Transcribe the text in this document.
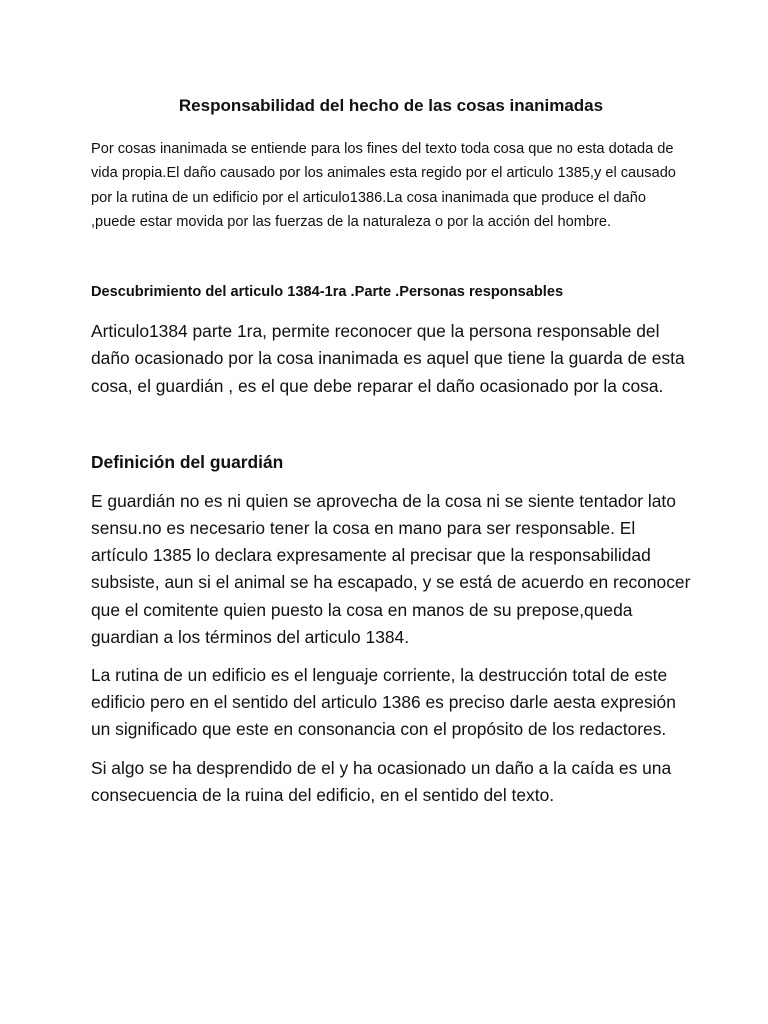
Responsabilidad del hecho de las cosas inanimadas

Por cosas inanimada se entiende para los fines del texto toda cosa que no esta dotada de vida propia.El daño causado por los animales esta regido por el articulo 1385,y el causado por la rutina de un edificio por el articulo1386.La cosa inanimada que produce el daño ,puede estar movida por las fuerzas de la naturaleza o por la acción del hombre.

Descubrimiento del articulo 1384-1ra .Parte .Personas responsables

Articulo1384 parte 1ra, permite reconocer que la persona responsable del daño ocasionado por la cosa inanimada es aquel que tiene la guarda de esta cosa, el guardián , es el que debe reparar el daño ocasionado por la cosa.

Definición del guardián

E guardián no es ni quien se aprovecha de la cosa ni se siente tentador lato sensu.no es necesario tener la cosa en mano para ser responsable. El artículo 1385 lo declara expresamente al precisar que la responsabilidad subsiste, aun si el animal se ha escapado, y se está de acuerdo en reconocer que el comitente quien puesto la cosa en manos de su prepose,queda guardian a los términos del articulo 1384.

La rutina de un edificio es el lenguaje corriente, la destrucción total de este edificio pero en el sentido del articulo 1386 es preciso darle aesta expresión un significado que este en consonancia con el propósito de los redactores.

Si algo se ha desprendido de el y ha ocasionado un daño a la caída es una consecuencia de la ruina del edificio, en el sentido del texto.
